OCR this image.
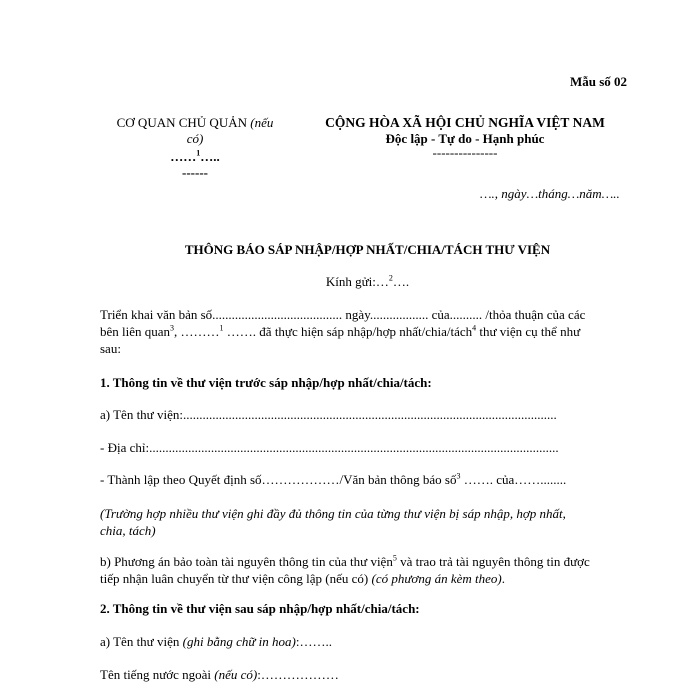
Mẫu số 02
CƠ QUAN CHỦ QUẢN (nếu
có)
……$^1$…..
------
CỘNG HÒA XÃ HỘI CHỦ NGHĨA VIỆT NAM
Độc lập - Tự do - Hạnh phúc
---------------
…., ngày…tháng…năm…..
THÔNG BÁO SÁP NHẬP/HỢP NHẤT/CHIA/TÁCH THƯ VIỆN
Kính gửi:…$^2$….
Triển khai văn bản số........................................ ngày.................. của.......... /thỏa thuận của các
bên liên quan$^3$, ………$^1$ ……. đã thực hiện sáp nhập/hợp nhất/chia/tách$^4$ thư viện cụ thể như
sau:
1. Thông tin về thư viện trước sáp nhập/hợp nhất/chia/tách:
a) Tên thư viện:...................................................................................................................
- Địa chỉ:..............................................................................................................................
- Thành lập theo Quyết định số………………/Văn bản thông báo số$^3$ ……. của……........
(Trường hợp nhiều thư viện ghi đầy đủ thông tin của từng thư viện bị sáp nhập, hợp nhất,
chia, tách)
b) Phương án bảo toàn tài nguyên thông tin của thư viện$^5$ và trao trả tài nguyên thông tin được
tiếp nhận luân chuyển từ thư viện công lập (nếu có) (có phương án kèm theo).
2. Thông tin về thư viện sau sáp nhập/hợp nhất/chia/tách:
a) Tên thư viện (ghi bằng chữ in hoa):……..
Tên tiếng nước ngoài (nếu có):………………
